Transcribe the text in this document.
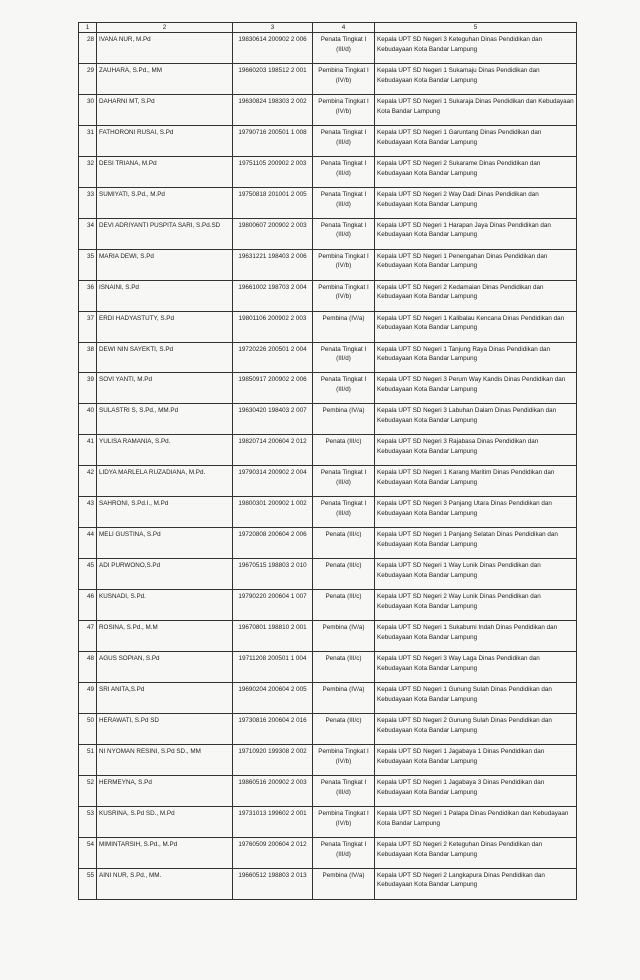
1	2	3	4	5
28	IVANA NUR, M.Pd	19830614 200902 2 006	Penata Tingkat I (III/d)	Kepala UPT SD Negeri 3 Keteguhan Dinas Pendidikan dan Kebudayaan Kota Bandar Lampung
29	ZAUHARA, S.Pd., MM	19660203 198512 2 001	Pembina Tingkat I (IV/b)	Kepala UPT SD Negeri 1 Sukamaju Dinas Pendidikan dan Kebudayaan Kota Bandar Lampung
30	DAHARNI MT, S.Pd	19630824 198303 2 002	Pembina Tingkat I (IV/b)	Kepala UPT SD Negeri 1 Sukaraja Dinas Pendidikan dan Kebudayaan Kota Bandar Lampung
31	FATHORONI RUSAI, S.Pd	19790716 200501 1 008	Penata Tingkat I (III/d)	Kepala UPT SD Negeri 1 Garuntang Dinas Pendidikan dan Kebudayaan Kota Bandar Lampung
32	DESI TRIANA, M.Pd	19751105 200902 2 003	Penata Tingkat I (III/d)	Kepala UPT SD Negeri 2 Sukarame Dinas Pendidikan dan Kebudayaan Kota Bandar Lampung
33	SUMIYATI, S.Pd., M.Pd	19750818 201001 2 005	Penata Tingkat I (III/d)	Kepala UPT SD Negeri 2 Way Dadi Dinas Pendidikan dan Kebudayaan Kota Bandar Lampung
34	DEVI ADRIYANTI PUSPITA SARI, S.Pd.SD	19800607 200902 2 003	Penata Tingkat I (III/d)	Kepala UPT SD Negeri 1 Harapan Jaya Dinas Pendidikan dan Kebudayaan Kota Bandar Lampung
35	MARIA DEWI, S.Pd	19631221 198403 2 006	Pembina Tingkat I (IV/b)	Kepala UPT SD Negeri 1 Penengahan Dinas Pendidikan dan Kebudayaan Kota Bandar Lampung
36	ISNAINI, S.Pd	19661002 198703 2 004	Pembina Tingkat I (IV/b)	Kepala UPT SD Negeri 2 Kedamaian Dinas Pendidikan dan Kebudayaan Kota Bandar Lampung
37	ERDI HADYASTUTY, S.Pd	19801106 200902 2 003	Pembina (IV/a)	Kepala UPT SD Negeri 1 Kalibalau Kencana Dinas Pendidikan dan Kebudayaan Kota Bandar Lampung
38	DEWI NIN SAYEKTI, S.Pd	19720226 200501 2 004	Penata Tingkat I (III/d)	Kepala UPT SD Negeri 1 Tanjung Raya Dinas Pendidikan dan Kebudayaan Kota Bandar Lampung
39	SOVI YANTI, M.Pd	19850917 200902 2 006	Penata Tingkat I (III/d)	Kepala UPT SD Negeri 3 Perum Way Kandis Dinas Pendidikan dan Kebudayaan Kota Bandar Lampung
40	SULASTRI S, S.Pd., MM.Pd	19630420 198403 2 007	Pembina (IV/a)	Kepala UPT SD Negeri 3 Labuhan Dalam Dinas Pendidikan dan Kebudayaan Kota Bandar Lampung
41	YULISA RAMANIA, S.Pd.	19820714 200604 2 012	Penata (III/c)	Kepala UPT SD Negeri 3 Rajabasa Dinas Pendidikan dan Kebudayaan Kota Bandar Lampung
42	LIDYA MARLELA RUZADIANA, M.Pd.	19790314 200902 2 004	Penata Tingkat I (III/d)	Kepala UPT SD Negeri 1 Karang Maritim Dinas Pendidikan dan Kebudayaan Kota Bandar Lampung
43	SAHRONI, S.Pd.I., M.Pd	19800301 200902 1 002	Penata Tingkat I (III/d)	Kepala UPT SD Negeri 3 Panjang Utara Dinas Pendidikan dan Kebudayaan Kota Bandar Lampung
44	MELI GUSTINA, S.Pd	19720808 200604 2 006	Penata (III/c)	Kepala UPT SD Negeri 1 Panjang Selatan Dinas Pendidikan dan Kebudayaan Kota Bandar Lampung
45	ADI PURWONO,S.Pd	19670515 198803 2 010	Penata (III/c)	Kepala UPT SD Negeri 1 Way Lunik Dinas Pendidikan dan Kebudayaan Kota Bandar Lampung
46	KUSNADI, S.Pd.	19790220 200604 1 007	Penata (III/c)	Kepala UPT SD Negeri 2 Way Lunik Dinas Pendidikan dan Kebudayaan Kota Bandar Lampung
47	ROSINA, S.Pd., M.M	19670801 198810 2 001	Pembina (IV/a)	Kepala UPT SD Negeri 1 Sukabumi Indah Dinas Pendidikan dan Kebudayaan Kota Bandar Lampung
48	AGUS SOPIAN, S.Pd	19711208 200501 1 004	Penata (III/c)	Kepala UPT SD Negeri 3 Way Laga Dinas Pendidikan dan Kebudayaan Kota Bandar Lampung
49	SRI ANITA,S.Pd	19690204 200604 2 005	Pembina (IV/a)	Kepala UPT SD Negeri 1 Gunung Sulah Dinas Pendidikan dan Kebudayaan Kota Bandar Lampung
50	HERAWATI, S.Pd SD	19730816 200604 2 016	Penata (III/c)	Kepala UPT SD Negeri 2 Gunung Sulah Dinas Pendidikan dan Kebudayaan Kota Bandar Lampung
51	NI NYOMAN RESINI, S.Pd SD., MM	19710920 199308 2 002	Pembina Tingkat I (IV/b)	Kepala UPT SD Negeri 1 Jagabaya 1 Dinas Pendidikan dan Kebudayaan Kota Bandar Lampung
52	HERMEYNA, S.Pd	19860516 200902 2 003	Penata Tingkat I (III/d)	Kepala UPT SD Negeri 1 Jagabaya 3 Dinas Pendidikan dan Kebudayaan Kota Bandar Lampung
53	KUSRINA, S.Pd SD., M.Pd	19731013 199602 2 001	Pembina Tingkat I (IV/b)	Kepala UPT SD Negeri 1 Palapa Dinas Pendidikan dan Kebudayaan Kota Bandar Lampung
54	MIMINTARSIH, S.Pd., M.Pd	19760509 200604 2 012	Penata Tingkat I (III/d)	Kepala UPT SD Negeri 2 Keteguhan Dinas Pendidikan dan Kebudayaan Kota Bandar Lampung
55	AINI NUR, S.Pd., MM.	19660512 198803 2 013	Pembina (IV/a)	Kepala UPT SD Negeri 2 Langkapura Dinas Pendidikan dan Kebudayaan Kota Bandar Lampung
